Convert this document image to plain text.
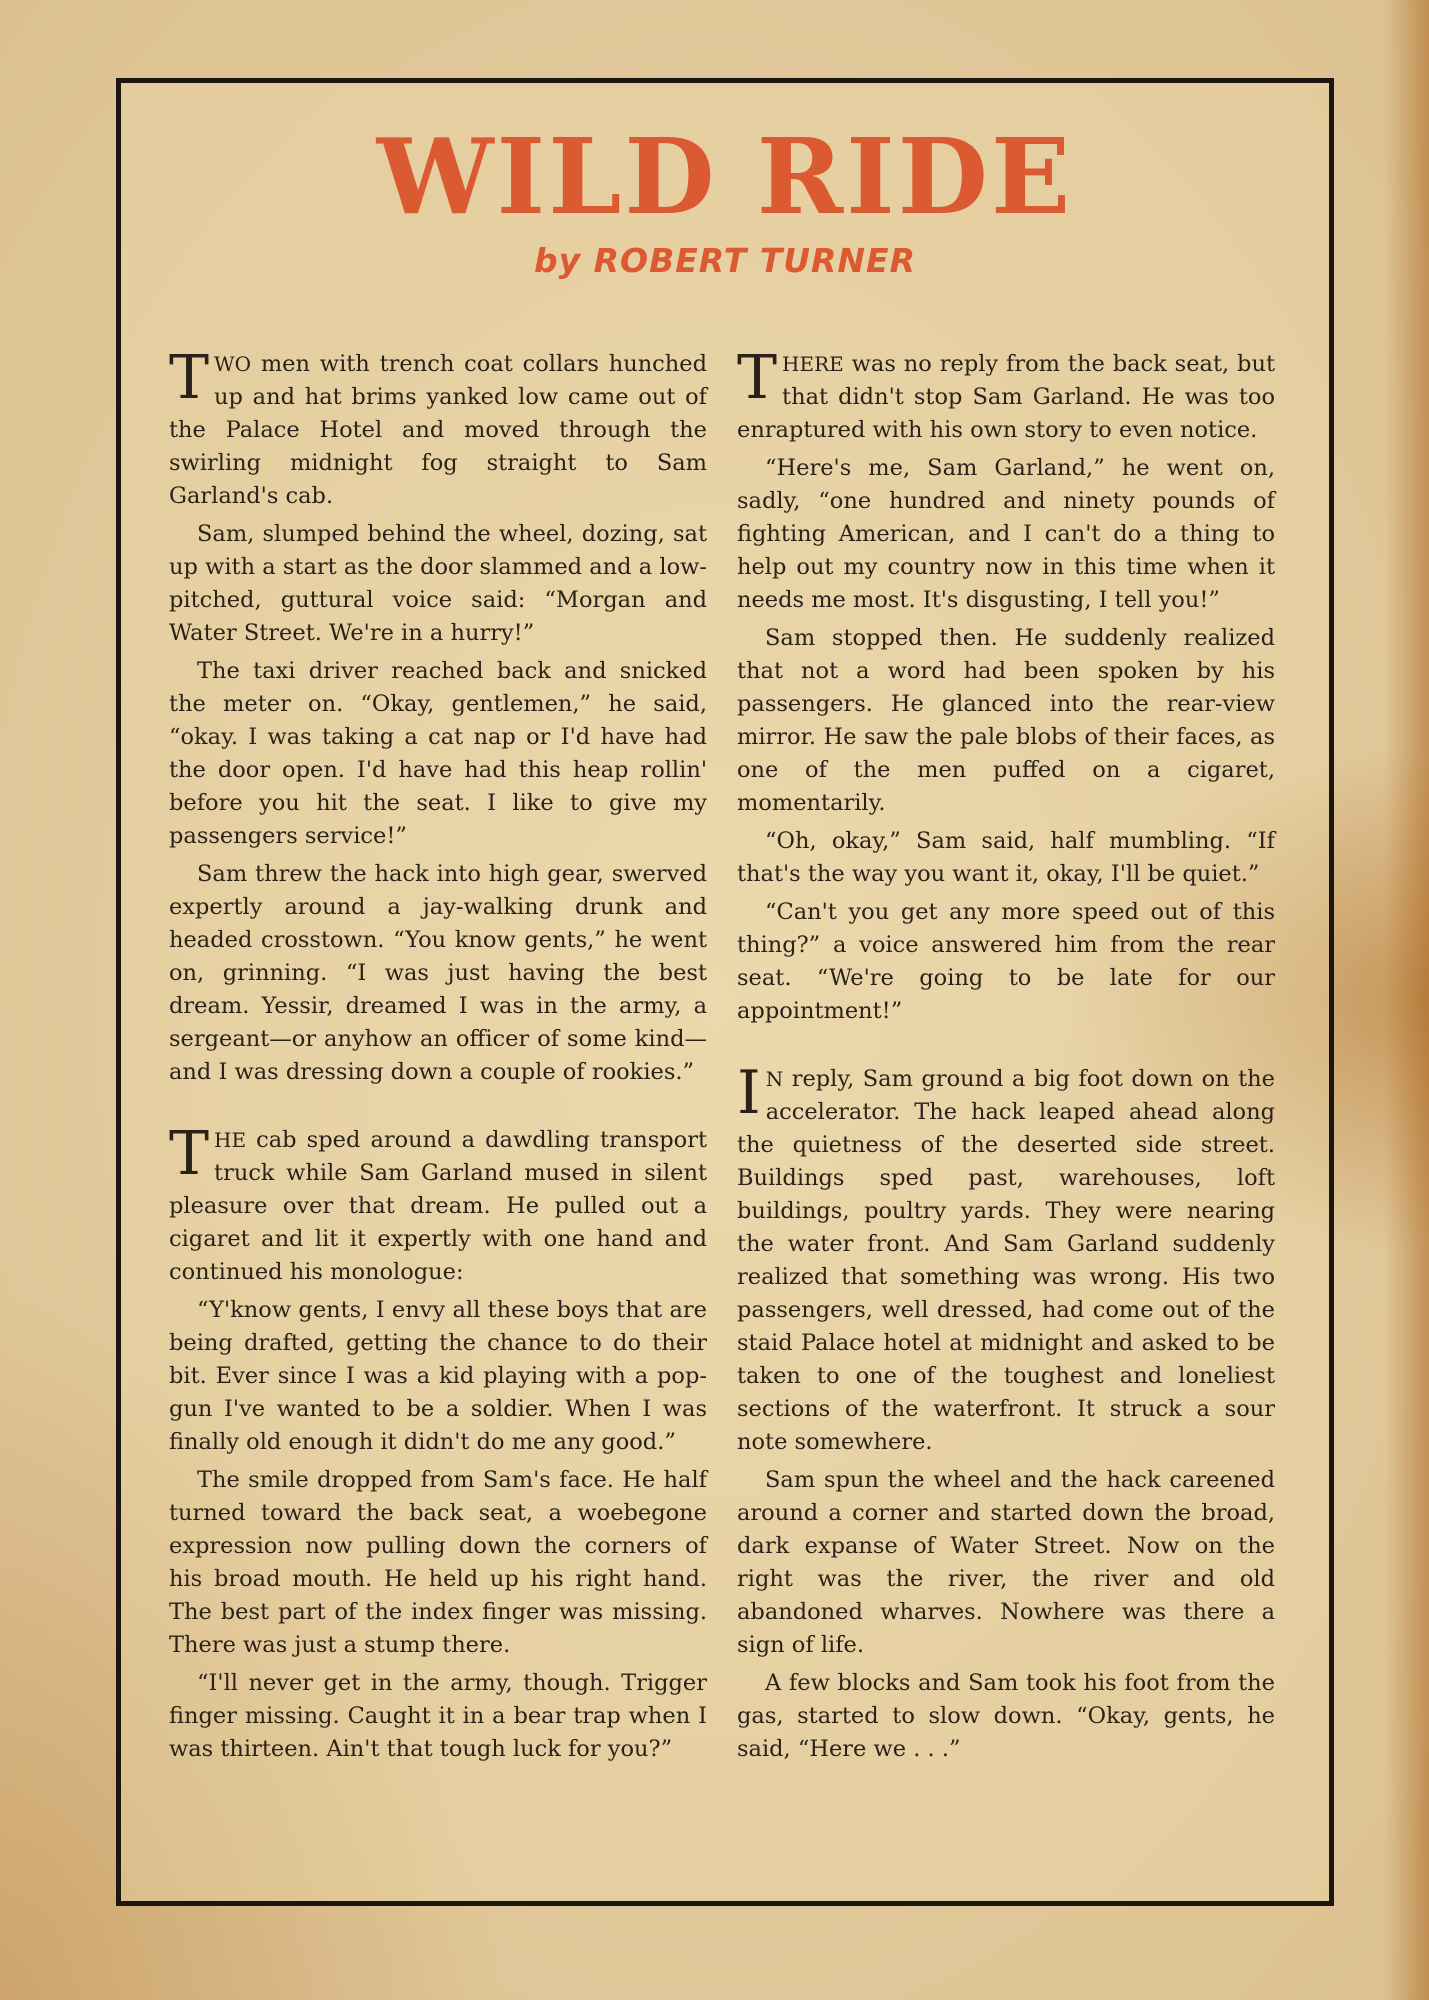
WILD RIDE
by ROBERT TURNER

TWO men with trench coat collars hunched up and hat brims yanked low came out of the Palace Hotel and moved through the swirling midnight fog straight to Sam Garland's cab.

Sam, slumped behind the wheel, dozing, sat up with a start as the door slammed and a low-pitched, guttural voice said: “Morgan and Water Street. We're in a hurry!”

The taxi driver reached back and snicked the meter on. “Okay, gentlemen,” he said, “okay. I was taking a cat nap or I'd have had the door open. I'd have had this heap rollin' before you hit the seat. I like to give my passengers service!”

Sam threw the hack into high gear, swerved expertly around a jay-walking drunk and headed crosstown. “You know gents,” he went on, grinning. “I was just having the best dream. Yessir, dreamed I was in the army, a sergeant—or anyhow an officer of some kind—and I was dressing down a couple of rookies.”

THE cab sped around a dawdling transport truck while Sam Garland mused in silent pleasure over that dream. He pulled out a cigaret and lit it expertly with one hand and continued his monologue:

“Y'know gents, I envy all these boys that are being drafted, getting the chance to do their bit. Ever since I was a kid playing with a pop-gun I've wanted to be a soldier. When I was finally old enough it didn't do me any good.”

The smile dropped from Sam's face. He half turned toward the back seat, a woebegone expression now pulling down the corners of his broad mouth. He held up his right hand. The best part of the index finger was missing. There was just a stump there.

“I'll never get in the army, though. Trigger finger missing. Caught it in a bear trap when I was thirteen. Ain't that tough luck for you?”

THERE was no reply from the back seat, but that didn't stop Sam Garland. He was too enraptured with his own story to even notice.

“Here's me, Sam Garland,” he went on, sadly, “one hundred and ninety pounds of fighting American, and I can't do a thing to help out my country now in this time when it needs me most. It's disgusting, I tell you!”

Sam stopped then. He suddenly realized that not a word had been spoken by his passengers. He glanced into the rear-view mirror. He saw the pale blobs of their faces, as one of the men puffed on a cigaret, momentarily.

“Oh, okay,” Sam said, half mumbling. “If that's the way you want it, okay, I'll be quiet.”

“Can't you get any more speed out of this thing?” a voice answered him from the rear seat. “We're going to be late for our appointment!”

I N reply, Sam ground a big foot down on the accelerator. The hack leaped ahead along the quietness of the deserted side street. Buildings sped past, warehouses, loft buildings, poultry yards. They were nearing the water front. And Sam Garland suddenly realized that something was wrong. His two passengers, well dressed, had come out of the staid Palace hotel at midnight and asked to be taken to one of the toughest and loneliest sections of the waterfront. It struck a sour note somewhere.

Sam spun the wheel and the hack careened around a corner and started down the broad, dark expanse of Water Street. Now on the right was the river, the river and old abandoned wharves. Nowhere was there a sign of life.

A few blocks and Sam took his foot from the gas, started to slow down. “Okay, gents, he said, “Here we . . .”
